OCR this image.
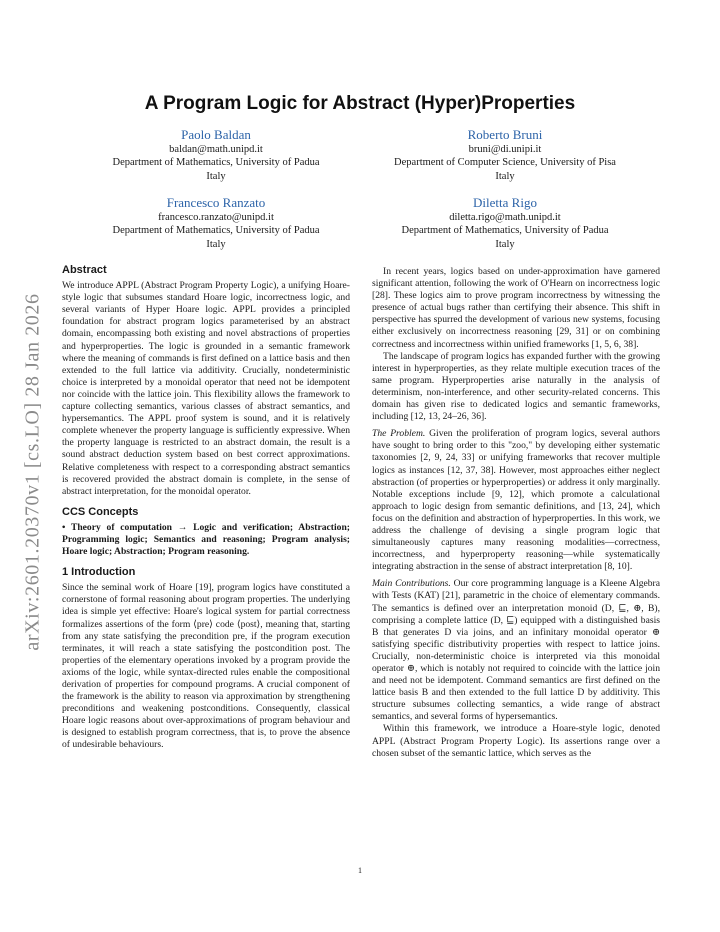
arXiv:2601.20370v1 [cs.LO] 28 Jan 2026
A Program Logic for Abstract (Hyper)Properties
Paolo Baldan
baldan@math.unipd.it
Department of Mathematics, University of Padua
Italy
Roberto Bruni
bruni@di.unipi.it
Department of Computer Science, University of Pisa
Italy
Francesco Ranzato
francesco.ranzato@unipd.it
Department of Mathematics, University of Padua
Italy
Diletta Rigo
diletta.rigo@math.unipd.it
Department of Mathematics, University of Padua
Italy
Abstract

We introduce APPL (Abstract Program Property Logic), a unifying Hoare-style logic that subsumes standard Hoare logic, incorrectness logic, and several variants of Hyper Hoare logic. APPL provides a principled foundation for abstract program logics parameterised by an abstract domain, encompassing both existing and novel abstractions of properties and hyperproperties. The logic is grounded in a semantic framework where the meaning of commands is first defined on a lattice basis and then extended to the full lattice via additivity. Crucially, nondeterministic choice is interpreted by a monoidal operator that need not be idempotent nor coincide with the lattice join. This flexibility allows the framework to capture collecting semantics, various classes of abstract semantics, and hypersemantics. The APPL proof system is sound, and it is relatively complete whenever the property language is sufficiently expressive. When the property language is restricted to an abstract domain, the result is a sound abstract deduction system based on best correct approximations. Relative completeness with respect to a corresponding abstract semantics is recovered provided the abstract domain is complete, in the sense of abstract interpretation, for the monoidal operator.

CCS Concepts

• Theory of computation → Logic and verification; Abstraction; Programming logic; Semantics and reasoning; Program analysis; Hoare logic; Abstraction; Program reasoning.

1 Introduction

Since the seminal work of Hoare [19], program logics have constituted a cornerstone of formal reasoning about program properties. The underlying idea is simple yet effective: Hoare's logical system for partial correctness formalizes assertions of the form ⟨pre⟩ code ⟨post⟩, meaning that, starting from any state satisfying the precondition pre, if the program execution terminates, it will reach a state satisfying the postcondition post. The properties of the elementary operations invoked by a program provide the axioms of the logic, while syntax-directed rules enable the compositional derivation of properties for compound programs. A crucial component of the framework is the ability to reason via approximation by strengthening preconditions and weakening postconditions. Consequently, classical Hoare logic reasons about over-approximations of program behaviour and is designed to establish program correctness, that is, to prove the absence of undesirable behaviours.

In recent years, logics based on under-approximation have garnered significant attention, following the work of O'Hearn on incorrectness logic [28]. These logics aim to prove program incorrectness by witnessing the presence of actual bugs rather than certifying their absence. This shift in perspective has spurred the development of various new systems, focusing either exclusively on incorrectness reasoning [29, 31] or on combining correctness and incorrectness within unified frameworks [1, 5, 6, 38].

The landscape of program logics has expanded further with the growing interest in hyperproperties, as they relate multiple execution traces of the same program. Hyperproperties arise naturally in the analysis of determinism, non-interference, and other security-related concerns. This domain has given rise to dedicated logics and semantic frameworks, including [12, 13, 24–26, 36].

The Problem. Given the proliferation of program logics, several authors have sought to bring order to this "zoo," by developing either systematic taxonomies [2, 9, 24, 33] or unifying frameworks that recover multiple logics as instances [12, 37, 38]. However, most approaches either neglect abstraction (of properties or hyperproperties) or address it only marginally. Notable exceptions include [9, 12], which promote a calculational approach to logic design from semantic definitions, and [13, 24], which focus on the definition and abstraction of hyperproperties. In this work, we address the challenge of devising a single program logic that simultaneously captures many reasoning modalities—correctness, incorrectness, and hyperproperty reasoning—while systematically integrating abstraction in the sense of abstract interpretation [8, 10].

Main Contributions. Our core programming language is a Kleene Algebra with Tests (KAT) [21], parametric in the choice of elementary commands. The semantics is defined over an interpretation monoid (D, ⊑, ⊕, B), comprising a complete lattice (D, ⊑) equipped with a distinguished basis B that generates D via joins, and an infinitary monoidal operator ⊕ satisfying specific distributivity properties with respect to lattice joins. Crucially, non-deterministic choice is interpreted via this monoidal operator ⊕, which is notably not required to coincide with the lattice join and need not be idempotent. Command semantics are first defined on the lattice basis B and then extended to the full lattice D by additivity. This structure subsumes collecting semantics, a wide range of abstract semantics, and several forms of hypersemantics.

Within this framework, we introduce a Hoare-style logic, denoted APPL (Abstract Program Property Logic). Its assertions range over a chosen subset of the semantic lattice, which serves as the

1
